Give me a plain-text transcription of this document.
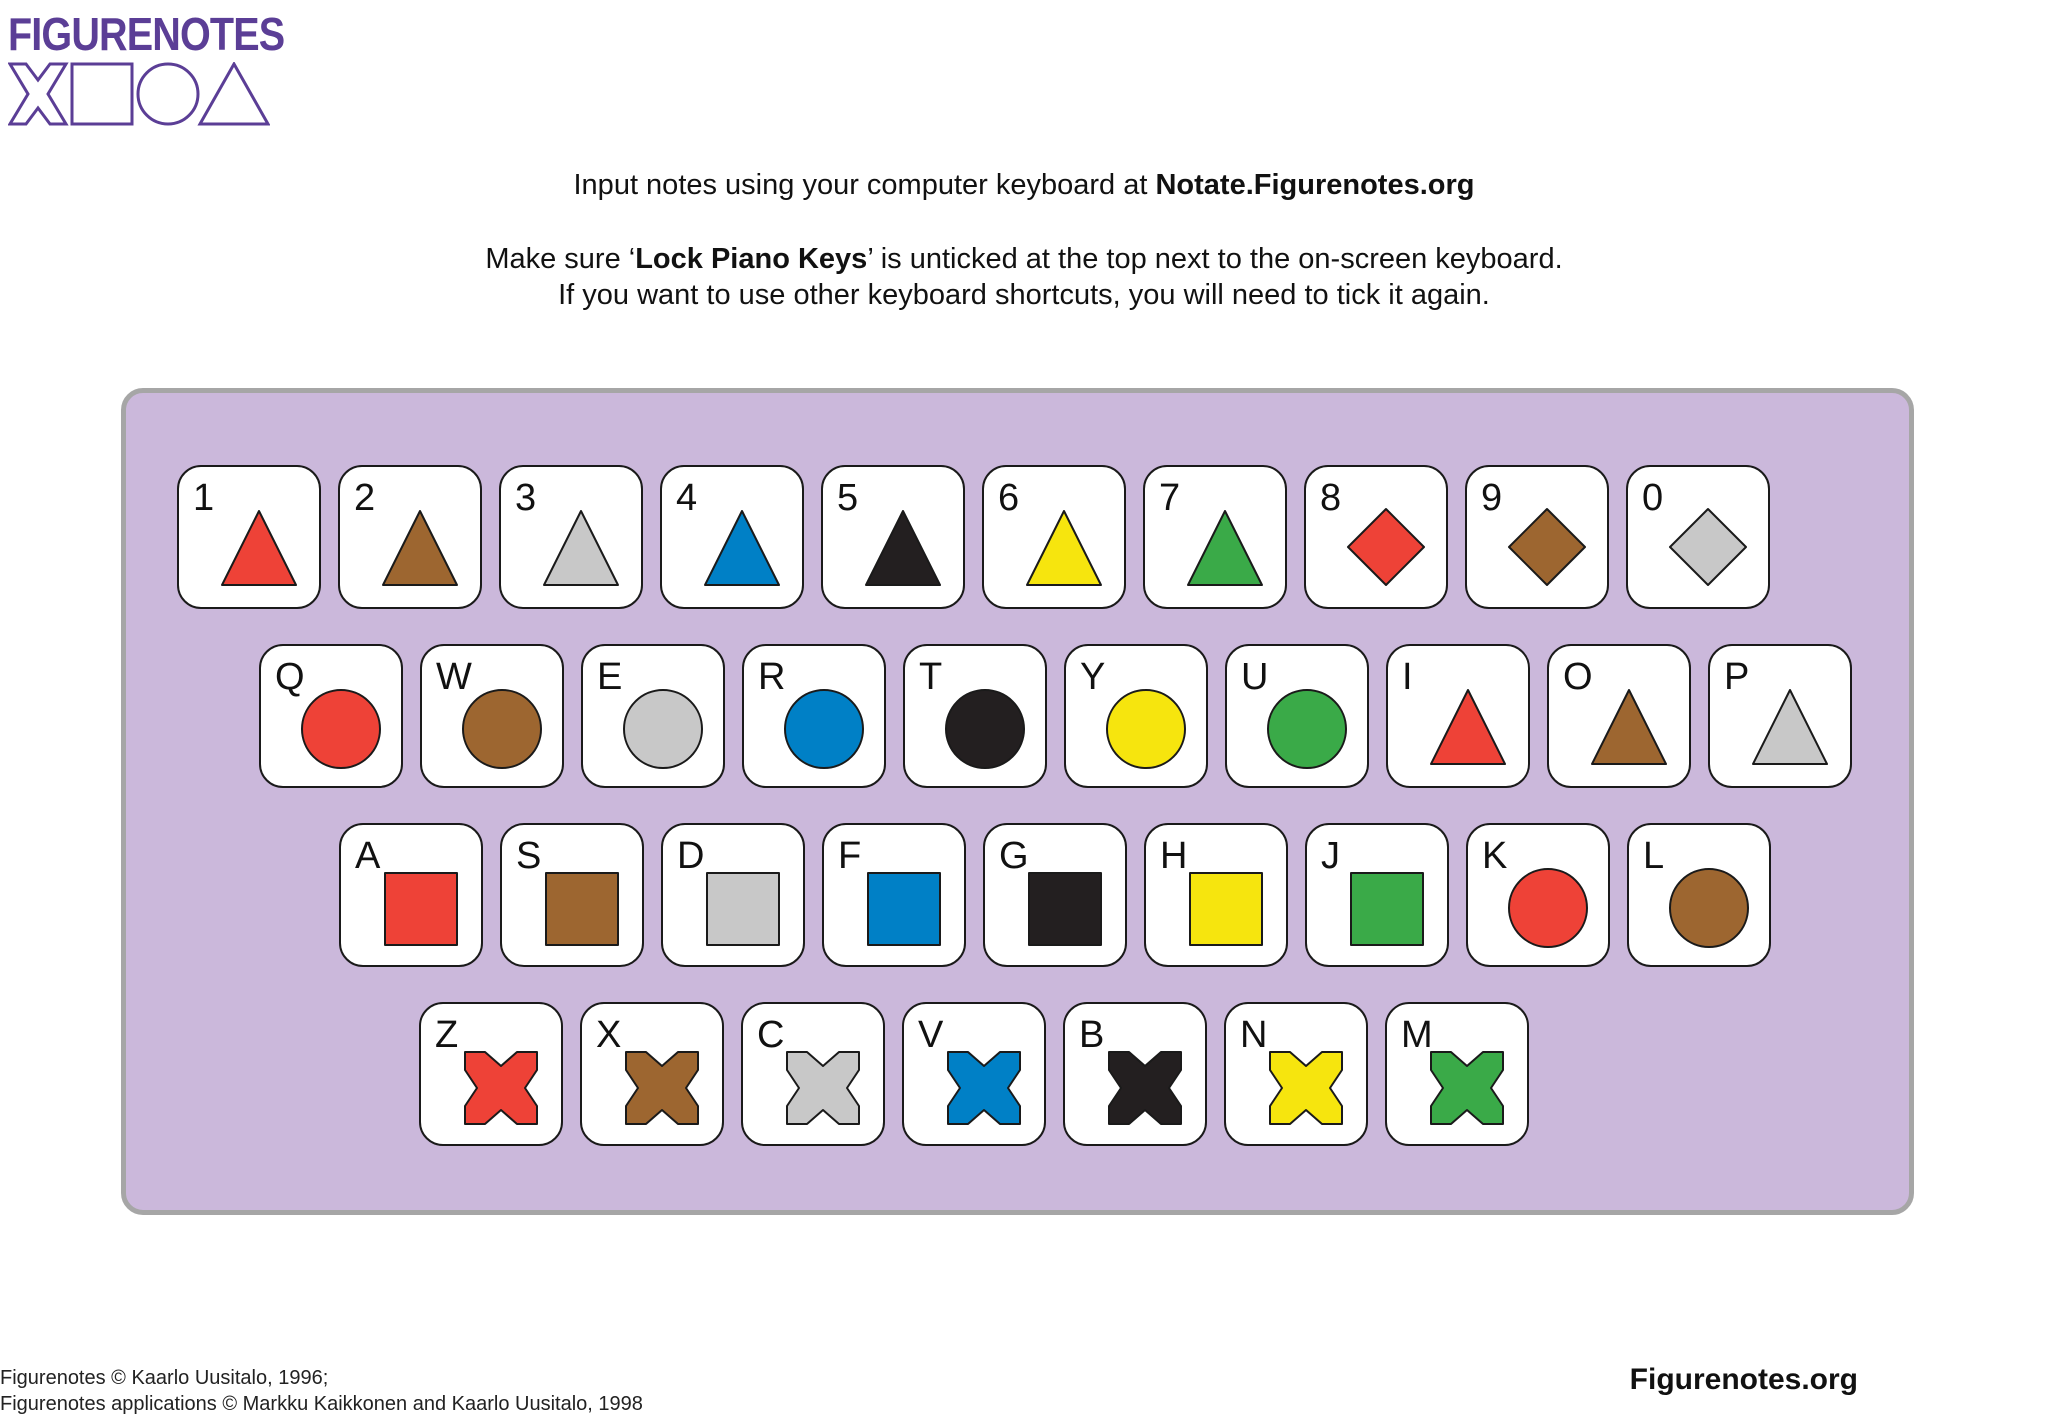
FIGURENOTES
Input notes using your computer keyboard at Notate.Figurenotes.org
Make sure ‘Lock Piano Keys’ is unticked at the top next to the on-screen keyboard.
If you want to use other keyboard shortcuts, you will need to tick it again.
1	2	3	4	5	6	7	8	9	0
Q	W	E	R	T	Y	U	I	O	P
A	S	D	F	G	H	J	K	L
Z	X	C	V	B	N	M
Figurenotes © Kaarlo Uusitalo, 1996;
Figurenotes applications © Markku Kaikkonen and Kaarlo Uusitalo, 1998
Figurenotes.org
